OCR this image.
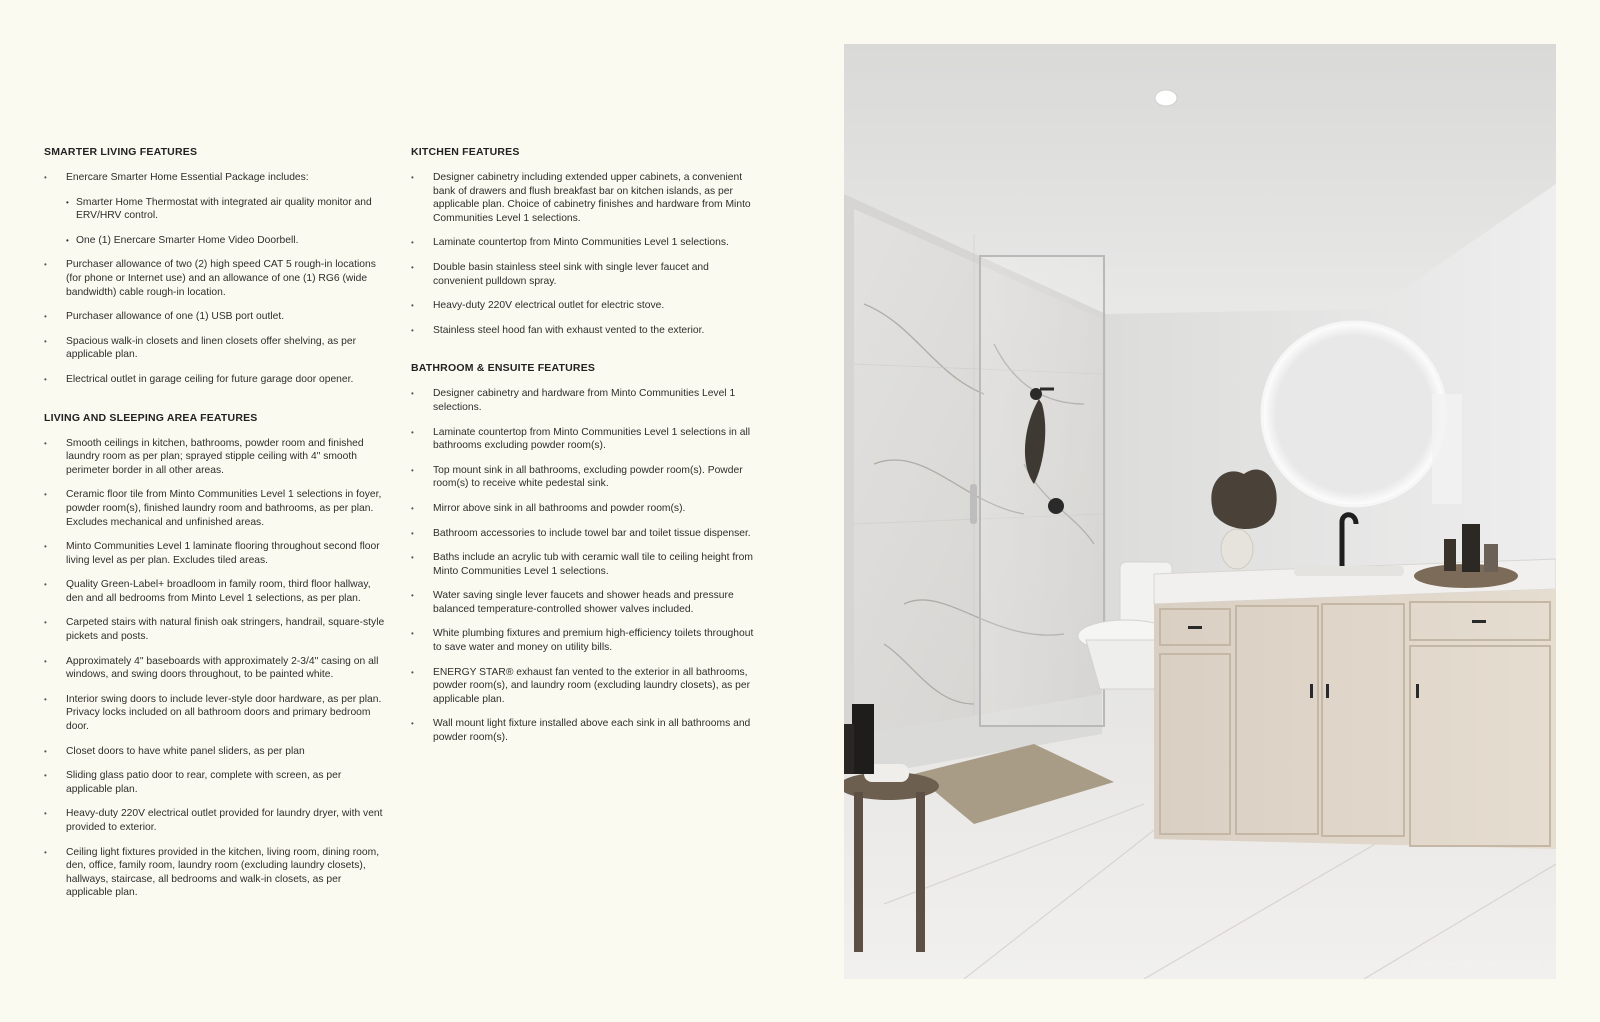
SMARTER LIVING FEATURES
• Enercare Smarter Home Essential Package includes:
• Smarter Home Thermostat with integrated air quality monitor and ERV/HRV control.
• One (1) Enercare Smarter Home Video Doorbell.
• Purchaser allowance of two (2) high speed CAT 5 rough-in locations (for phone or Internet use) and an allowance of one (1) RG6 (wide bandwidth) cable rough-in location.
• Purchaser allowance of one (1) USB port outlet.
• Spacious walk-in closets and linen closets offer shelving, as per applicable plan.
• Electrical outlet in garage ceiling for future garage door opener.
LIVING AND SLEEPING AREA FEATURES
• Smooth ceilings in kitchen, bathrooms, powder room and finished laundry room as per plan; sprayed stipple ceiling with 4" smooth perimeter border in all other areas.
• Ceramic floor tile from Minto Communities Level 1 selections in foyer, powder room(s), finished laundry room and bathrooms, as per plan. Excludes mechanical and unfinished areas.
• Minto Communities Level 1 laminate flooring throughout second floor living level as per plan. Excludes tiled areas.
• Quality Green-Label+ broadloom in family room, third floor hallway, den and all bedrooms from Minto Level 1 selections, as per plan.
• Carpeted stairs with natural finish oak stringers, handrail, square-style pickets and posts.
• Approximately 4" baseboards with approximately 2-3/4" casing on all windows, and swing doors throughout, to be painted white.
• Interior swing doors to include lever-style door hardware, as per plan. Privacy locks included on all bathroom doors and primary bedroom door.
• Closet doors to have white panel sliders, as per plan
• Sliding glass patio door to rear, complete with screen, as per applicable plan.
• Heavy-duty 220V electrical outlet provided for laundry dryer, with vent provided to exterior.
• Ceiling light fixtures provided in the kitchen, living room, dining room, den, office, family room, laundry room (excluding laundry closets), hallways, staircase, all bedrooms and walk-in closets, as per applicable plan.
KITCHEN FEATURES
• Designer cabinetry including extended upper cabinets, a convenient bank of drawers and flush breakfast bar on kitchen islands, as per applicable plan. Choice of cabinetry finishes and hardware from Minto Communities Level 1 selections.
• Laminate countertop from Minto Communities Level 1 selections.
• Double basin stainless steel sink with single lever faucet and convenient pulldown spray.
• Heavy-duty 220V electrical outlet for electric stove.
• Stainless steel hood fan with exhaust vented to the exterior.
BATHROOM & ENSUITE FEATURES
• Designer cabinetry and hardware from Minto Communities Level 1 selections.
• Laminate countertop from Minto Communities Level 1 selections in all bathrooms excluding powder room(s).
• Top mount sink in all bathrooms, excluding powder room(s). Powder room(s) to receive white pedestal sink.
• Mirror above sink in all bathrooms and powder room(s).
• Bathroom accessories to include towel bar and toilet tissue dispenser.
• Baths include an acrylic tub with ceramic wall tile to ceiling height from Minto Communities Level 1 selections.
• Water saving single lever faucets and shower heads and pressure balanced temperature-controlled shower valves included.
• White plumbing fixtures and premium high-efficiency toilets throughout to save water and money on utility bills.
• ENERGY STAR® exhaust fan vented to the exterior in all bathrooms, powder room(s), and laundry room (excluding laundry closets), as per applicable plan.
• Wall mount light fixture installed above each sink in all bathrooms and powder room(s).
Renderings are artist's impression. E.&O.E.
